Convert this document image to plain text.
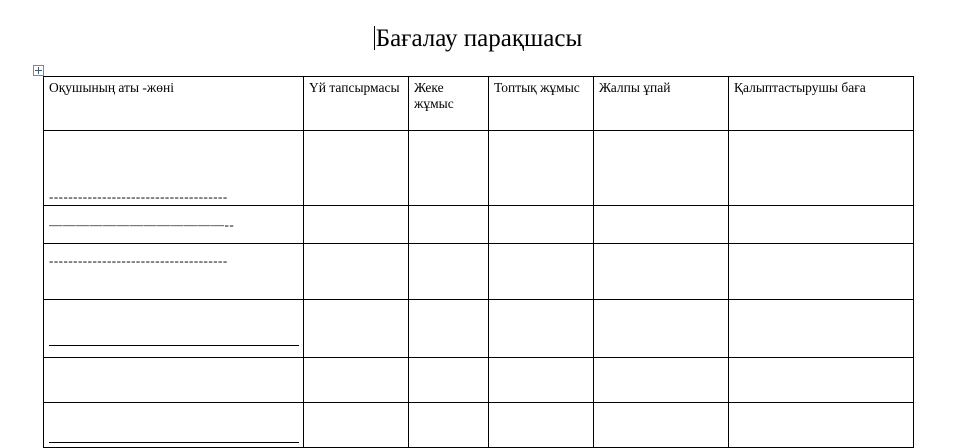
Бағалау парақшасы
Оқушының аты -жөні	Үй тапсырмасы	Жеке жұмыс	Топтық жұмыс	Жалпы ұпай	Қалыптастырушы баға

-------------------------------------					

—————————————--					

-------------------------------------					
